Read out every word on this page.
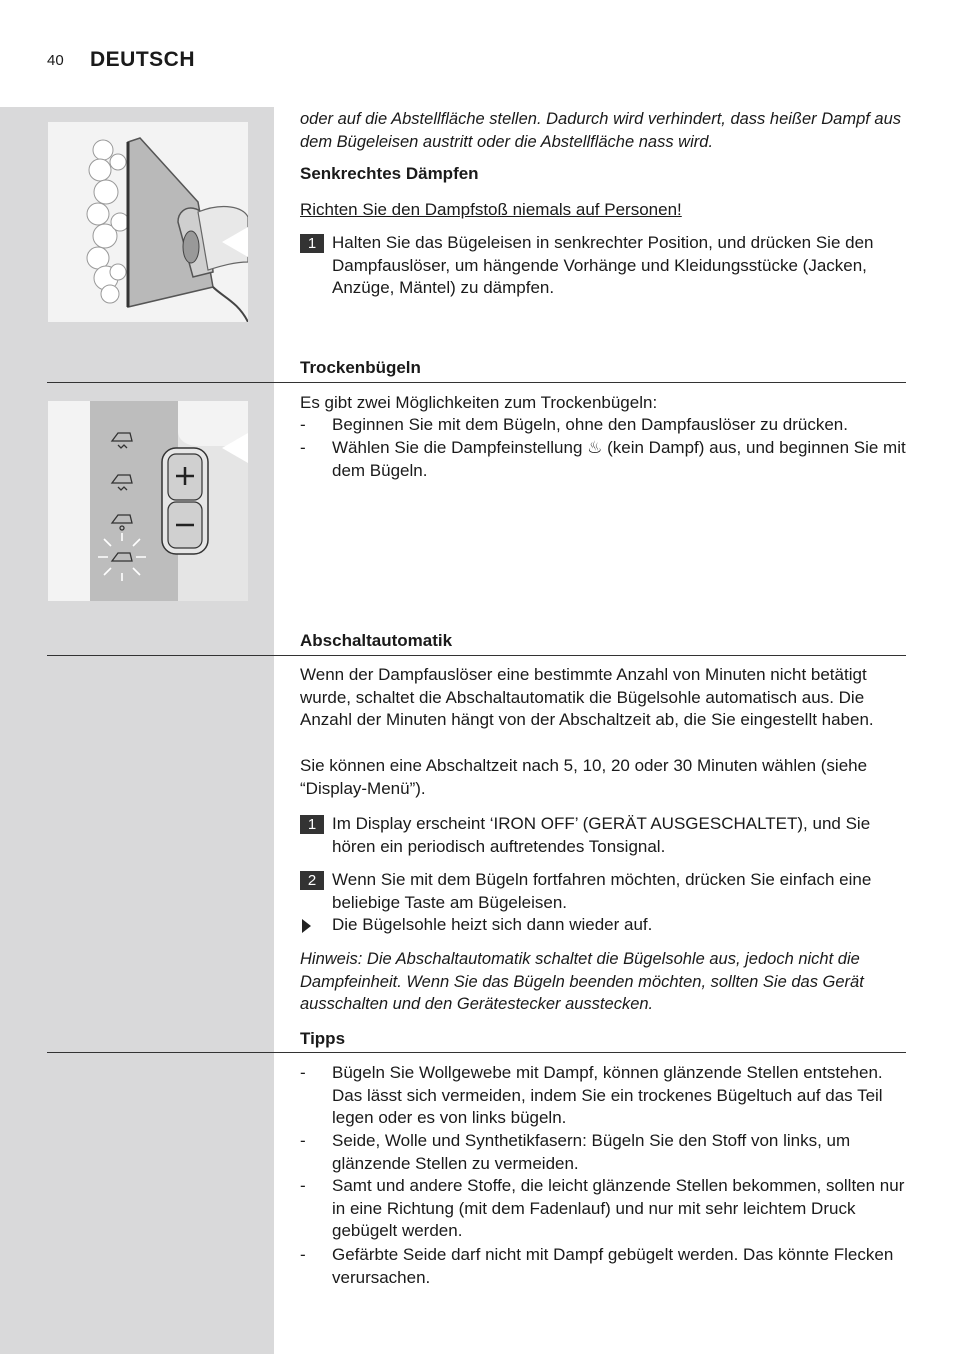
40 DEUTSCH
oder auf die Abstellfläche stellen. Dadurch wird verhindert, dass heißer Dampf aus dem Bügeleisen austritt oder die Abstellfläche nass wird.
Senkrechtes Dämpfen
Richten Sie den Dampfstoß niemals auf Personen!
1 Halten Sie das Bügeleisen in senkrechter Position, und drücken Sie den Dampfauslöser, um hängende Vorhänge und Kleidungsstücke (Jacken, Anzüge, Mäntel) zu dämpfen.
Trockenbügeln
Es gibt zwei Möglichkeiten zum Trockenbügeln:
- Beginnen Sie mit dem Bügeln, ohne den Dampfauslöser zu drücken.
- Wählen Sie die Dampfeinstellung ♨ (kein Dampf) aus, und beginnen Sie mit dem Bügeln.
Abschaltautomatik
Wenn der Dampfauslöser eine bestimmte Anzahl von Minuten nicht betätigt wurde, schaltet die Abschaltautomatik die Bügelsohle automatisch aus. Die Anzahl der Minuten hängt von der Abschaltzeit ab, die Sie eingestellt haben.
Sie können eine Abschaltzeit nach 5, 10, 20 oder 30 Minuten wählen (siehe “Display-Menü”).
1 Im Display erscheint ‘IRON OFF’ (GERÄT AUSGESCHALTET), und Sie hören ein periodisch auftretendes Tonsignal.
2 Wenn Sie mit dem Bügeln fortfahren möchten, drücken Sie einfach eine beliebige Taste am Bügeleisen.
Die Bügelsohle heizt sich dann wieder auf.
Hinweis: Die Abschaltautomatik schaltet die Bügelsohle aus, jedoch nicht die Dampfeinheit. Wenn Sie das Bügeln beenden möchten, sollten Sie das Gerät ausschalten und den Gerätestecker ausstecken.
Tipps
- Bügeln Sie Wollgewebe mit Dampf, können glänzende Stellen entstehen. Das lässt sich vermeiden, indem Sie ein trockenes Bügeltuch auf das Teil legen oder es von links bügeln.
- Seide, Wolle und Synthetikfasern: Bügeln Sie den Stoff von links, um glänzende Stellen zu vermeiden.
- Samt und andere Stoffe, die leicht glänzende Stellen bekommen, sollten nur in eine Richtung (mit dem Fadenlauf) und nur mit sehr leichtem Druck gebügelt werden.
- Gefärbte Seide darf nicht mit Dampf gebügelt werden. Das könnte Flecken verursachen.
